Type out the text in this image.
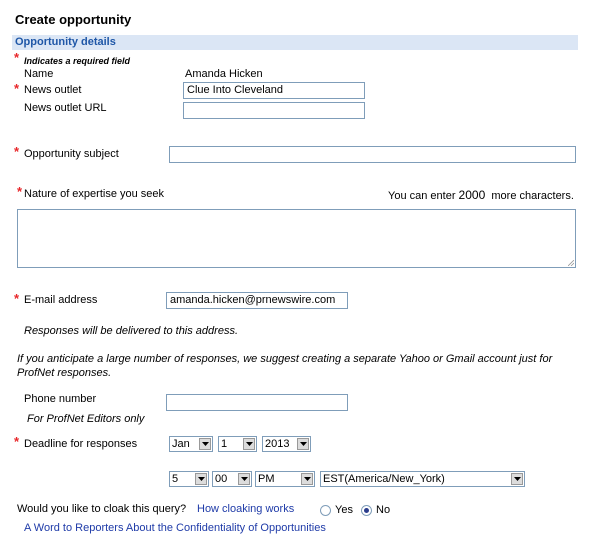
Create opportunity
Opportunity details
* Indicates a required field
Name	Amanda Hicken
* News outlet	Clue Into Cleveland
News outlet URL
* Opportunity subject
* Nature of expertise you seek	You can enter 2000 more characters.
* E-mail address	amanda.hicken@prnewswire.com
Responses will be delivered to this address.
If you anticipate a large number of responses, we suggest creating a separate Yahoo or Gmail account just for ProfNet responses.
Phone number
For ProfNet Editors only
* Deadline for responses	Jan	1	2013
5	00	PM	EST(America/New_York)
Would you like to cloak this query? How cloaking works	Yes No
A Word to Reporters About the Confidentiality of Opportunities
